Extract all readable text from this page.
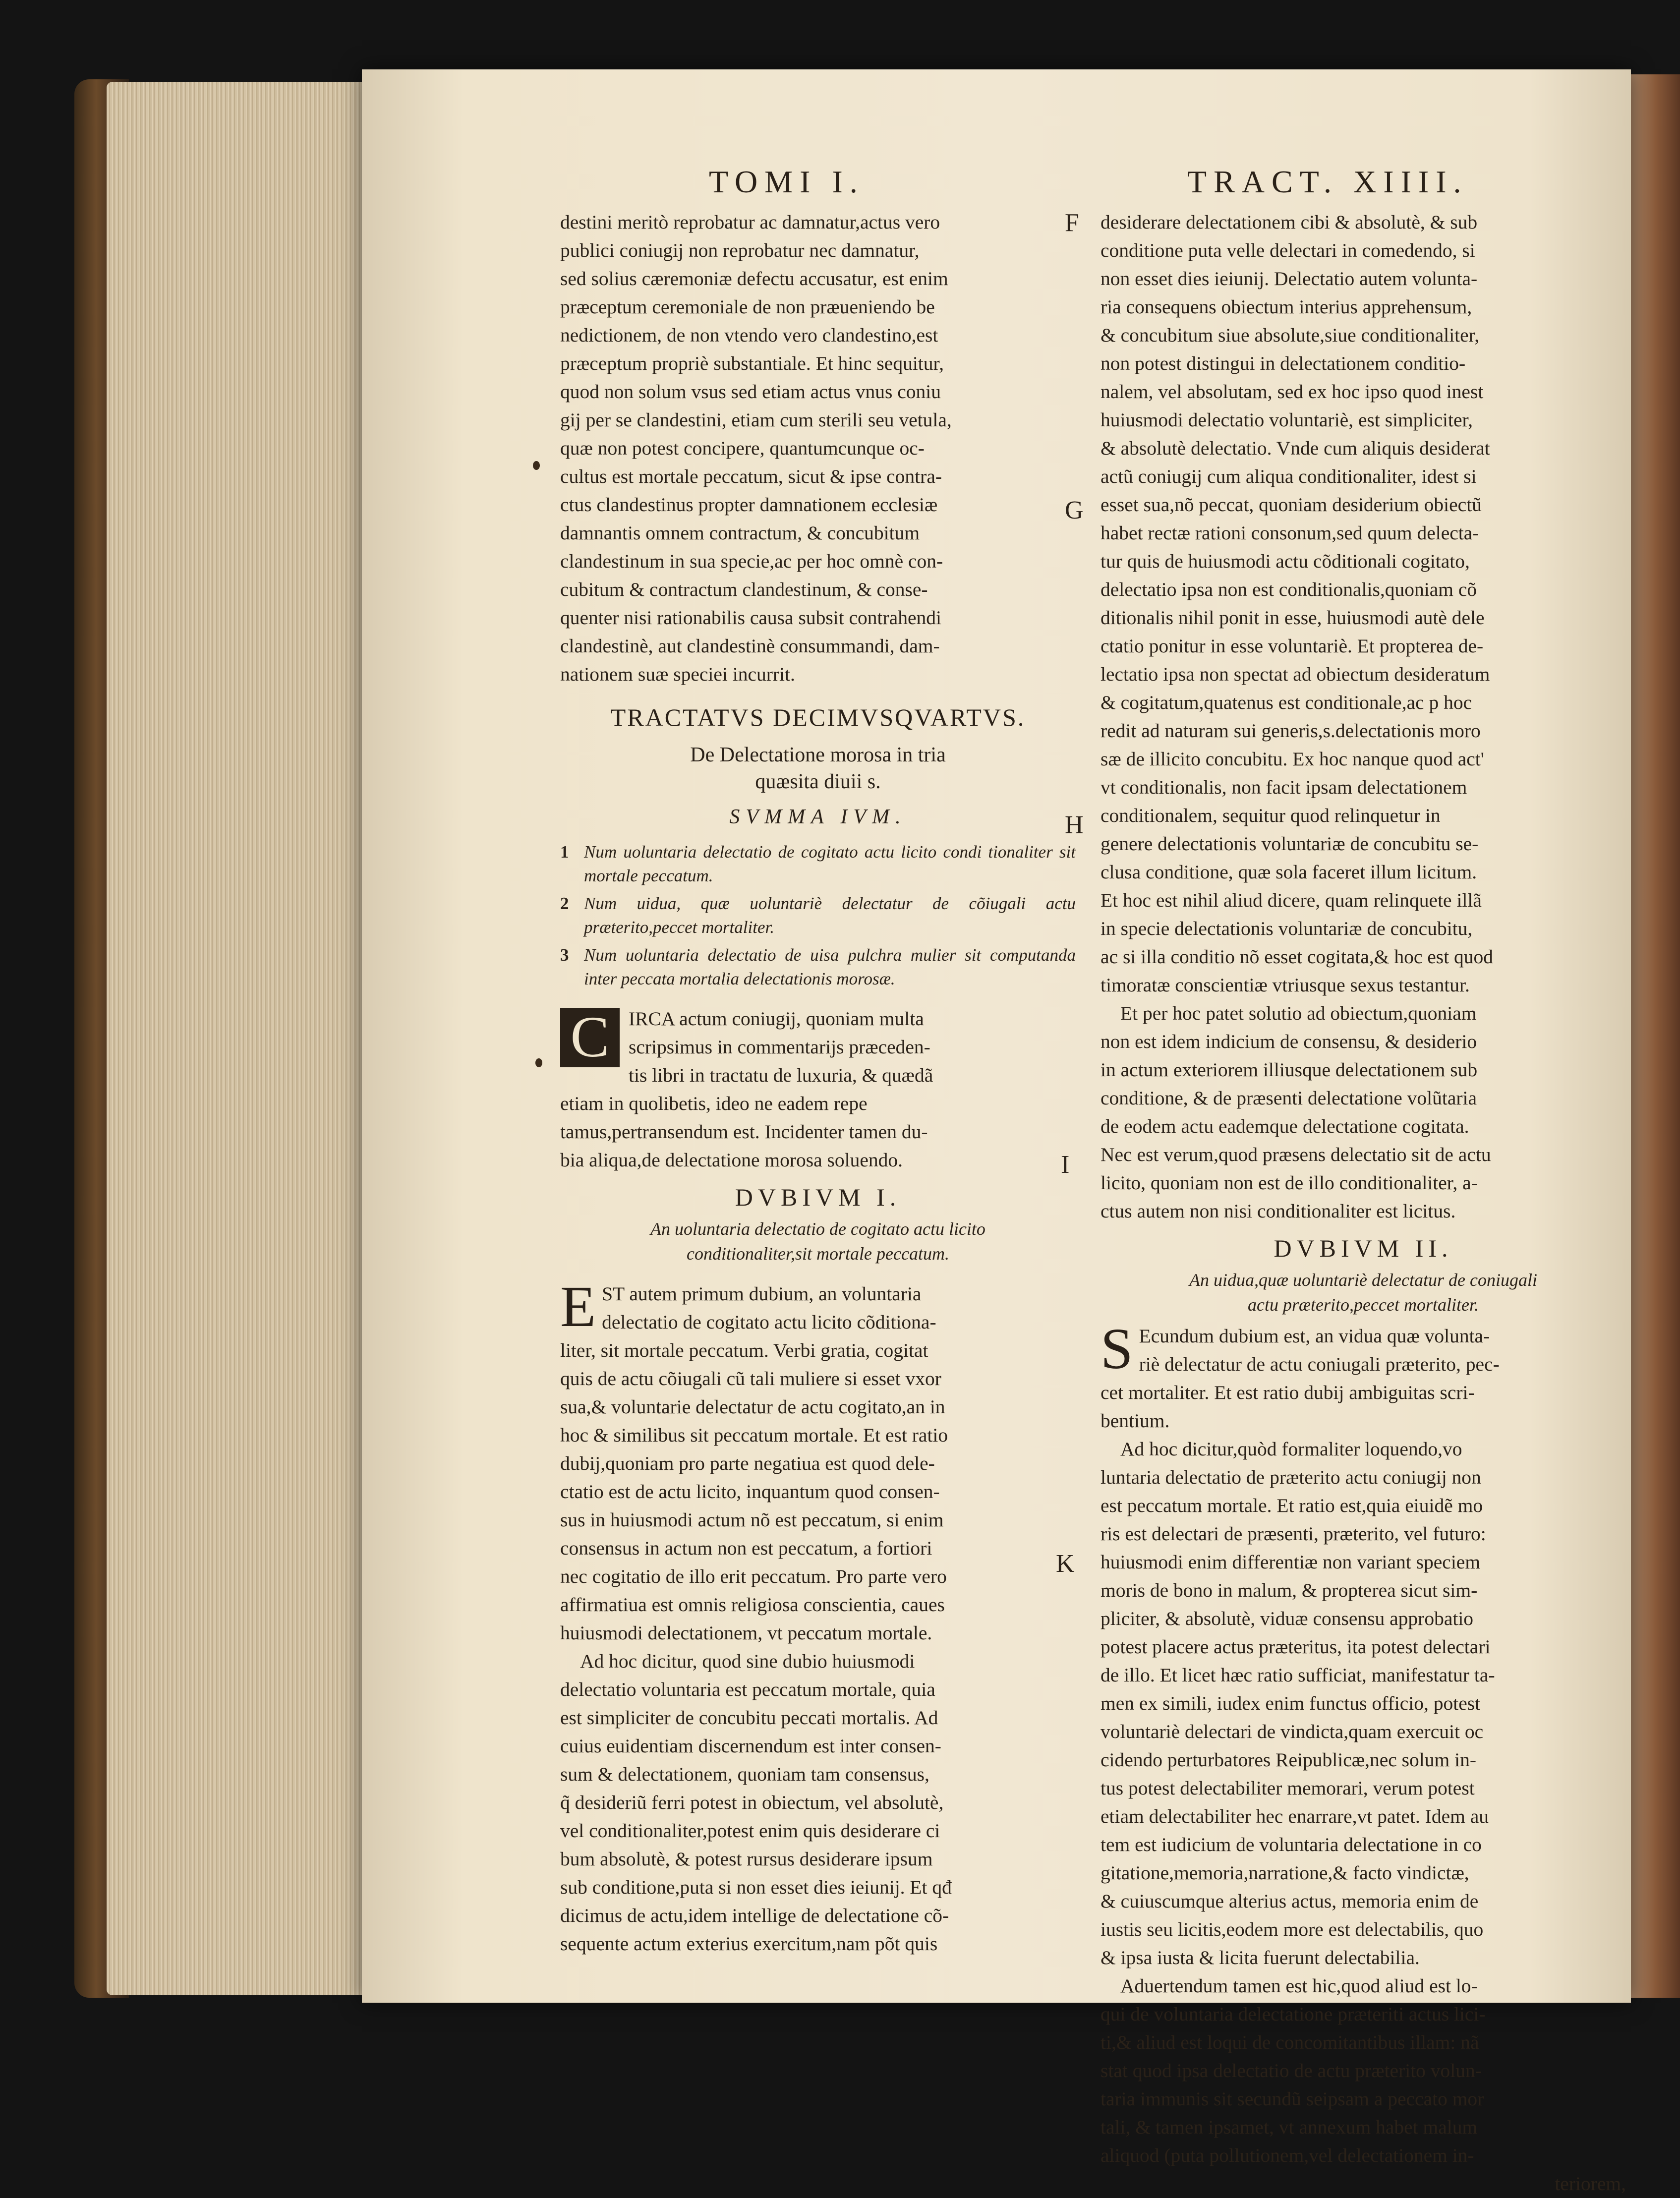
TOMI I.	TRACT. XIIII.
F
G
H
I
K
destini meritò reprobatur ac damnatur,actus vero
publici coniugij non reprobatur nec damnatur,
sed solius cæremoniæ defectu accusatur, est enim
præceptum ceremoniale de non præueniendo be
nedictionem, de non vtendo vero clandestino,est
præceptum propriè substantiale. Et hinc sequitur,
quod non solum vsus sed etiam actus vnus coniu
gij per se clandestini, etiam cum sterili seu vetula,
quæ non potest concipere, quantumcunque oc-
cultus est mortale peccatum, sicut & ipse contra-
ctus clandestinus propter damnationem ecclesiæ
damnantis omnem contractum, & concubitum
clandestinum in sua specie,ac per hoc omnè con-
cubitum & contractum clandestinum, & conse-
quenter nisi rationabilis causa subsit contrahendi
clandestinè, aut clandestinè consummandi, dam-
nationem suæ speciei incurrit.
TRACTATVS DECIMVSQVARTVS.
De Delectatione morosa in tria
quæsita diuii s.
SVMMA IVM.
1 Num uoluntaria delectatio de cogitato actu licito condi tionaliter sit mortale peccatum.
2 Num uidua, quæ uoluntariè delectatur de cõiugali actu præterito,peccet mortaliter.
3 Num uoluntaria delectatio de uisa pulchra mulier sit computanda inter peccata mortalia delectationis morosæ.
C IRCA actum coniugij, quoniam multa
scripsimus in commentarijs præceden-
tis libri in tractatu de luxuria, & quædã
etiam in quolibetis, ideo ne eadem repe
tamus,pertransendum est. Incidenter tamen du-
bia aliqua,de delectatione morosa soluendo.
DVBIVM I.
An uoluntaria delectatio de cogitato actu licito
conditionaliter,sit mortale peccatum.
E ST autem primum dubium, an voluntaria
delectatio de cogitato actu licito cõditiona-
liter, sit mortale peccatum. Verbi gratia, cogitat
quis de actu cõiugali cũ tali muliere si esset vxor
sua,& voluntarie delectatur de actu cogitato,an in
hoc & similibus sit peccatum mortale. Et est ratio
dubij,quoniam pro parte negatiua est quod dele-
ctatio est de actu licito, inquantum quod consen-
sus in huiusmodi actum nõ est peccatum, si enim
consensus in actum non est peccatum, a fortiori
nec cogitatio de illo erit peccatum. Pro parte vero
affirmatiua est omnis religiosa conscientia, caues
huiusmodi delectationem, vt peccatum mortale.
Ad hoc dicitur, quod sine dubio huiusmodi
delectatio voluntaria est peccatum mortale, quia
est simpliciter de concubitu peccati mortalis. Ad
cuius euidentiam discernendum est inter consen-
sum & delectationem, quoniam tam consensus,
q̃ desideriũ ferri potest in obiectum, vel absolutè,
vel conditionaliter,potest enim quis desiderare ci
bum absolutè, & potest rursus desiderare ipsum
sub conditione,puta si non esset dies ieiunij. Et qđ
dicimus de actu,idem intellige de delectatione cõ-
sequente actum exterius exercitum,nam põt quis
desiderare delectationem cibi & absolutè, & sub
conditione puta velle delectari in comedendo, si
non esset dies ieiunij. Delectatio autem volunta-
ria consequens obiectum interius apprehensum,
& concubitum siue absolute,siue conditionaliter,
non potest distingui in delectationem conditio-
nalem, vel absolutam, sed ex hoc ipso quod inest
huiusmodi delectatio voluntariè, est simpliciter,
& absolutè delectatio. Vnde cum aliquis desiderat
actũ coniugij cum aliqua conditionaliter, idest si
esset sua,nõ peccat, quoniam desiderium obiectũ
habet rectæ rationi consonum,sed quum delecta-
tur quis de huiusmodi actu cõditionali cogitato,
delectatio ipsa non est conditionalis,quoniam cõ
ditionalis nihil ponit in esse, huiusmodi autè dele
ctatio ponitur in esse voluntariè. Et propterea de-
lectatio ipsa non spectat ad obiectum desideratum
& cogitatum,quatenus est conditionale,ac p hoc
redit ad naturam sui generis,s.delectationis moro
sæ de illicito concubitu. Ex hoc nanque quod act'
vt conditionalis, non facit ipsam delectationem
conditionalem, sequitur quod relinquetur in
genere delectationis voluntariæ de concubitu se-
clusa conditione, quæ sola faceret illum licitum.
Et hoc est nihil aliud dicere, quam relinquete illã
in specie delectationis voluntariæ de concubitu,
ac si illa conditio nõ esset cogitata,& hoc est quod
timoratæ conscientiæ vtriusque sexus testantur.
Et per hoc patet solutio ad obiectum,quoniam
non est idem indicium de consensu, & desiderio
in actum exteriorem illiusque delectationem sub
conditione, & de præsenti delectatione volũtaria
de eodem actu eademque delectatione cogitata.
Nec est verum,quod præsens delectatio sit de actu
licito, quoniam non est de illo conditionaliter, a-
ctus autem non nisi conditionaliter est licitus.
DVBIVM II.
An uidua,quæ uoluntariè delectatur de coniugali
actu præterito,peccet mortaliter.
S Ecundum dubium est, an vidua quæ volunta-
riè delectatur de actu coniugali præterito, pec-
cet mortaliter. Et est ratio dubij ambiguitas scri-
bentium.
Ad hoc dicitur,quòd formaliter loquendo,vo
luntaria delectatio de præterito actu coniugij non
est peccatum mortale. Et ratio est,quia eiuidẽ mo
ris est delectari de præsenti, præterito, vel futuro:
huiusmodi enim differentiæ non variant speciem
moris de bono in malum, & propterea sicut sim-
pliciter, & absolutè, viduæ consensu approbatio
potest placere actus præteritus, ita potest delectari
de illo. Et licet hæc ratio sufficiat, manifestatur ta-
men ex simili, iudex enim functus officio, potest
voluntariè delectari de vindicta,quam exercuit oc
cidendo perturbatores Reipublicæ,nec solum in-
tus potest delectabiliter memorari, verum potest
etiam delectabiliter hec enarrare,vt patet. Idem au
tem est iudicium de voluntaria delectatione in co
gitatione,memoria,narratione,& facto vindictæ,
& cuiuscumque alterius actus, memoria enim de
iustis seu licitis,eodem more est delectabilis, quo
& ipsa iusta & licita fuerunt delectabilia.
Aduertendum tamen est hic,quod aliud est lo-
qui de voluntaria delectatione præteriti actus lici-
ti,& aliud est loqui de concomitantibus illam: nã
stat quod ipsa delectatio de actu præterito volun-
taria immunis sit secundũ seipsam a peccato mor
tali, & tamen ipsamet, vt annexum habet malum
aliquod (puta pollutionem,vel delectationem in-
teriorem,
